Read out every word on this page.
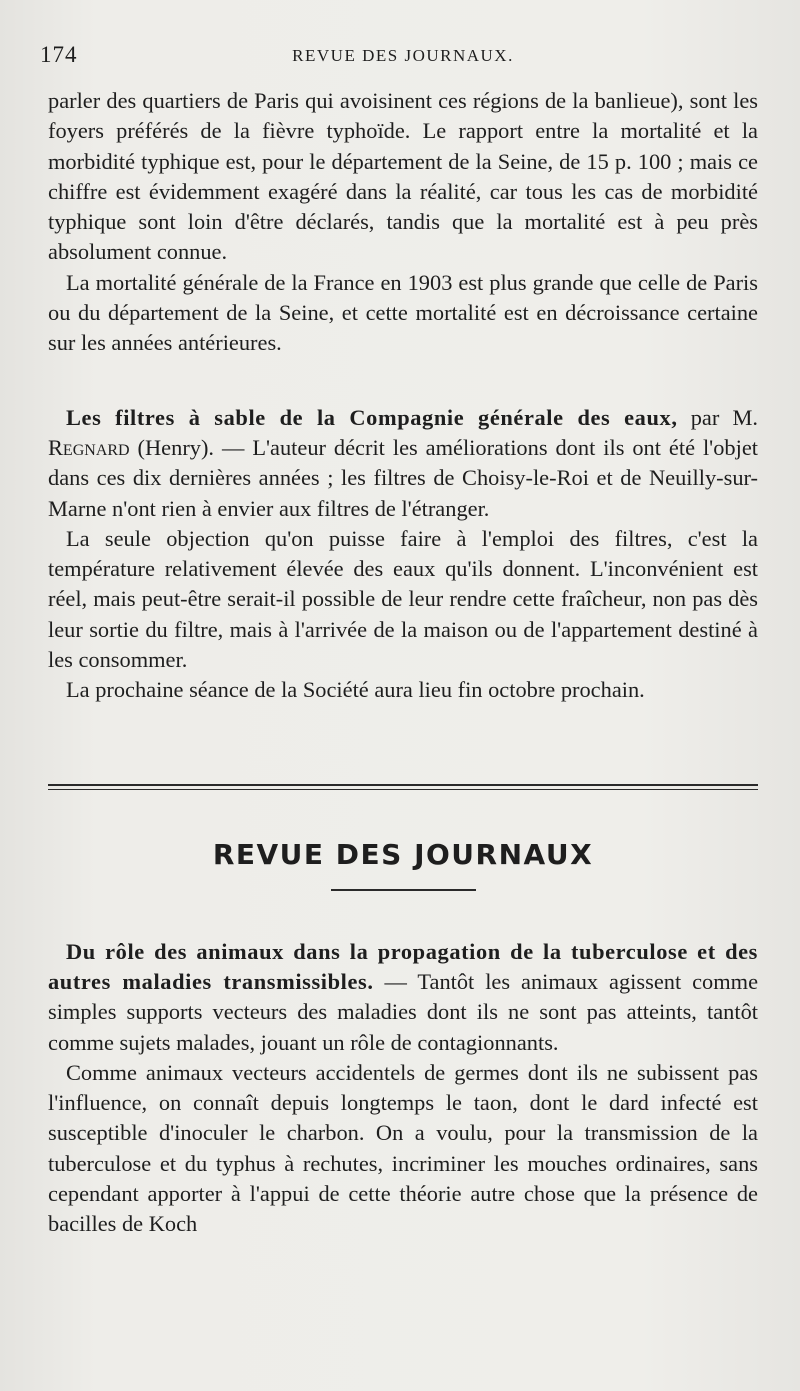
174	REVUE DES JOURNAUX.

parler des quartiers de Paris qui avoisinent ces régions de la banlieue), sont les foyers préférés de la fièvre typhoïde. Le rapport entre la mortalité et la morbidité typhique est, pour le département de la Seine, de 15 p. 100 ; mais ce chiffre est évidemment exagéré dans la réalité, car tous les cas de morbidité typhique sont loin d'être déclarés, tandis que la mortalité est à peu près absolument connue.

La mortalité générale de la France en 1903 est plus grande que celle de Paris ou du département de la Seine, et cette mortalité est en décroissance certaine sur les années antérieures.

Les filtres à sable de la Compagnie générale des eaux, par M. Regnard (Henry). — L'auteur décrit les améliorations dont ils ont été l'objet dans ces dix dernières années ; les filtres de Choisy-le-Roi et de Neuilly-sur-Marne n'ont rien à envier aux filtres de l'étranger.

La seule objection qu'on puisse faire à l'emploi des filtres, c'est la température relativement élevée des eaux qu'ils donnent. L'inconvénient est réel, mais peut-être serait-il possible de leur rendre cette fraîcheur, non pas dès leur sortie du filtre, mais à l'arrivée de la maison ou de l'appartement destiné à les consommer.

La prochaine séance de la Société aura lieu fin octobre prochain.

REVUE DES JOURNAUX

Du rôle des animaux dans la propagation de la tuberculose et des autres maladies transmissibles. — Tantôt les animaux agissent comme simples supports vecteurs des maladies dont ils ne sont pas atteints, tantôt comme sujets malades, jouant un rôle de contagionnants.

Comme animaux vecteurs accidentels de germes dont ils ne subissent pas l'influence, on connaît depuis longtemps le taon, dont le dard infecté est susceptible d'inoculer le charbon. On a voulu, pour la transmission de la tuberculose et du typhus à rechutes, incriminer les mouches ordinaires, sans cependant apporter à l'appui de cette théorie autre chose que la présence de bacilles de Koch
